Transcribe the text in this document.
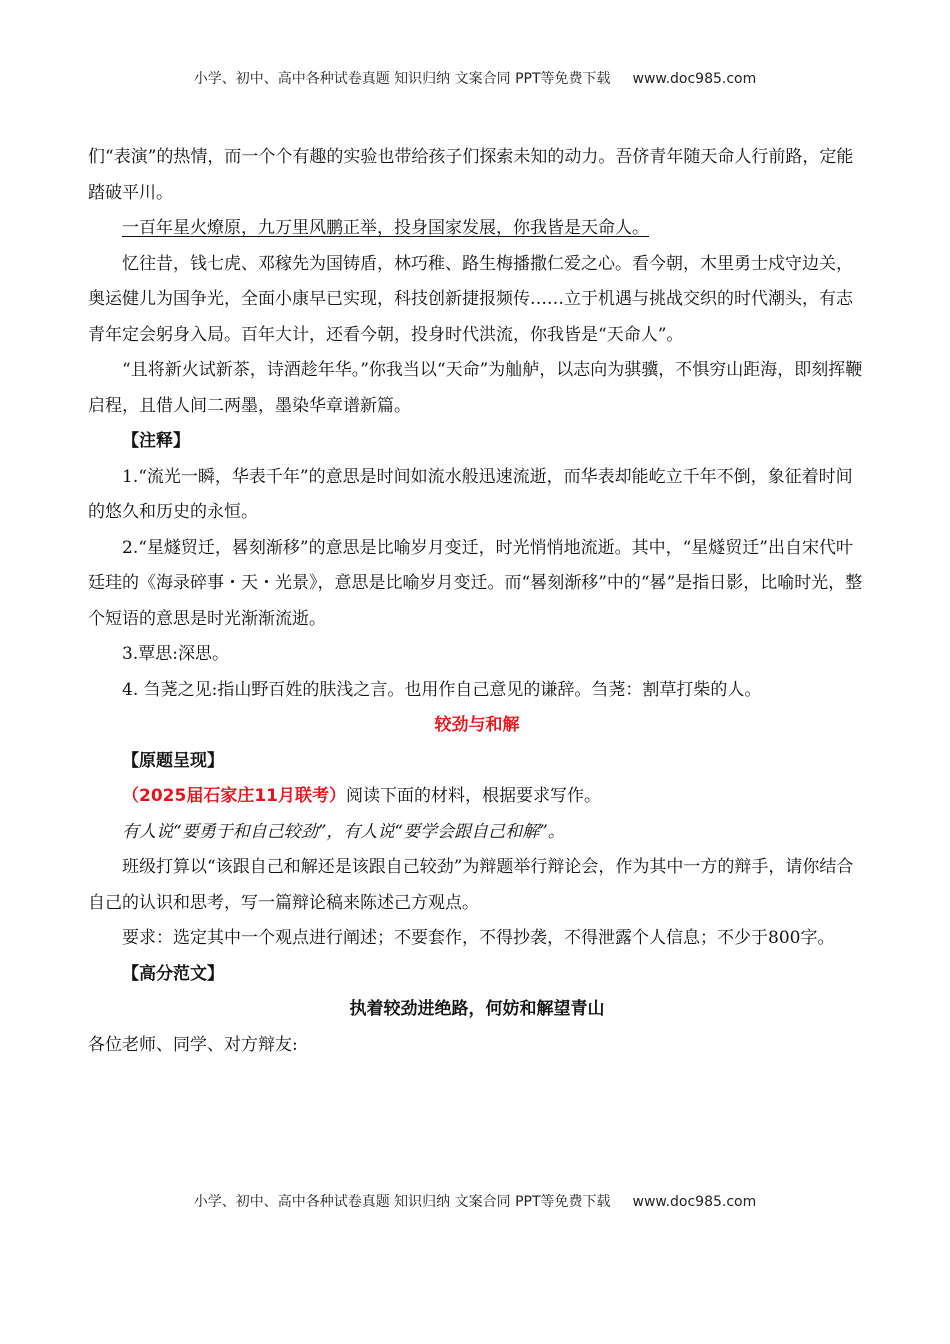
小学、初中、高中各种试卷真题 知识归纳 文案合同 PPT等免费下载 www.doc985.com

们“表演”的热情，而一个个有趣的实验也带给孩子们探索未知的动力。吾侪青年随天命人行前路，定能踏破平川。

一百年星火燎原，九万里风鹏正举，投身国家发展，你我皆是天命人。

忆往昔，钱七虎、邓稼先为国铸盾，林巧稚、路生梅播撒仁爱之心。看今朝，木里勇士戍守边关，奥运健儿为国争光，全面小康早已实现，科技创新捷报频传……立于机遇与挑战交织的时代潮头，有志青年定会躬身入局。百年大计，还看今朝，投身时代洪流，你我皆是“天命人”。

“且将新火试新茶，诗酒趁年华。”你我当以“天命”为舢舻，以志向为骐骥，不惧穷山距海，即刻挥鞭启程，且借人间二两墨，墨染华章谱新篇。

【注释】

1.“流光一瞬，华表千年”的意思是时间如流水般迅速流逝，而华表却能屹立千年不倒，象征着时间的悠久和历史的永恒。

2.“星燧贸迁，晷刻渐移”的意思是比喻岁月变迁，时光悄悄地流逝。其中，“星燧贸迁”出自宋代叶廷珪的《海录碎事・天・光景》，意思是比喻岁月变迁。而“晷刻渐移”中的“晷”是指日影，比喻时光，整个短语的意思是时光渐渐流逝。

3.覃思:深思。

4. 刍荛之见:指山野百姓的肤浅之言。也用作自己意见的谦辞。刍荛：割草打柴的人。

较劲与和解

【原题呈现】

（2025届石家庄11月联考）阅读下面的材料，根据要求写作。

有人说“要勇于和自己较劲”，有人说“要学会跟自己和解”。

班级打算以“该跟自己和解还是该跟自己较劲”为辩题举行辩论会，作为其中一方的辩手，请你结合自己的认识和思考，写一篇辩论稿来陈述己方观点。

要求：选定其中一个观点进行阐述；不要套作，不得抄袭，不得泄露个人信息；不少于800字。

【高分范文】

执着较劲进绝路，何妨和解望青山

各位老师、同学、对方辩友:

小学、初中、高中各种试卷真题 知识归纳 文案合同 PPT等免费下载 www.doc985.com
